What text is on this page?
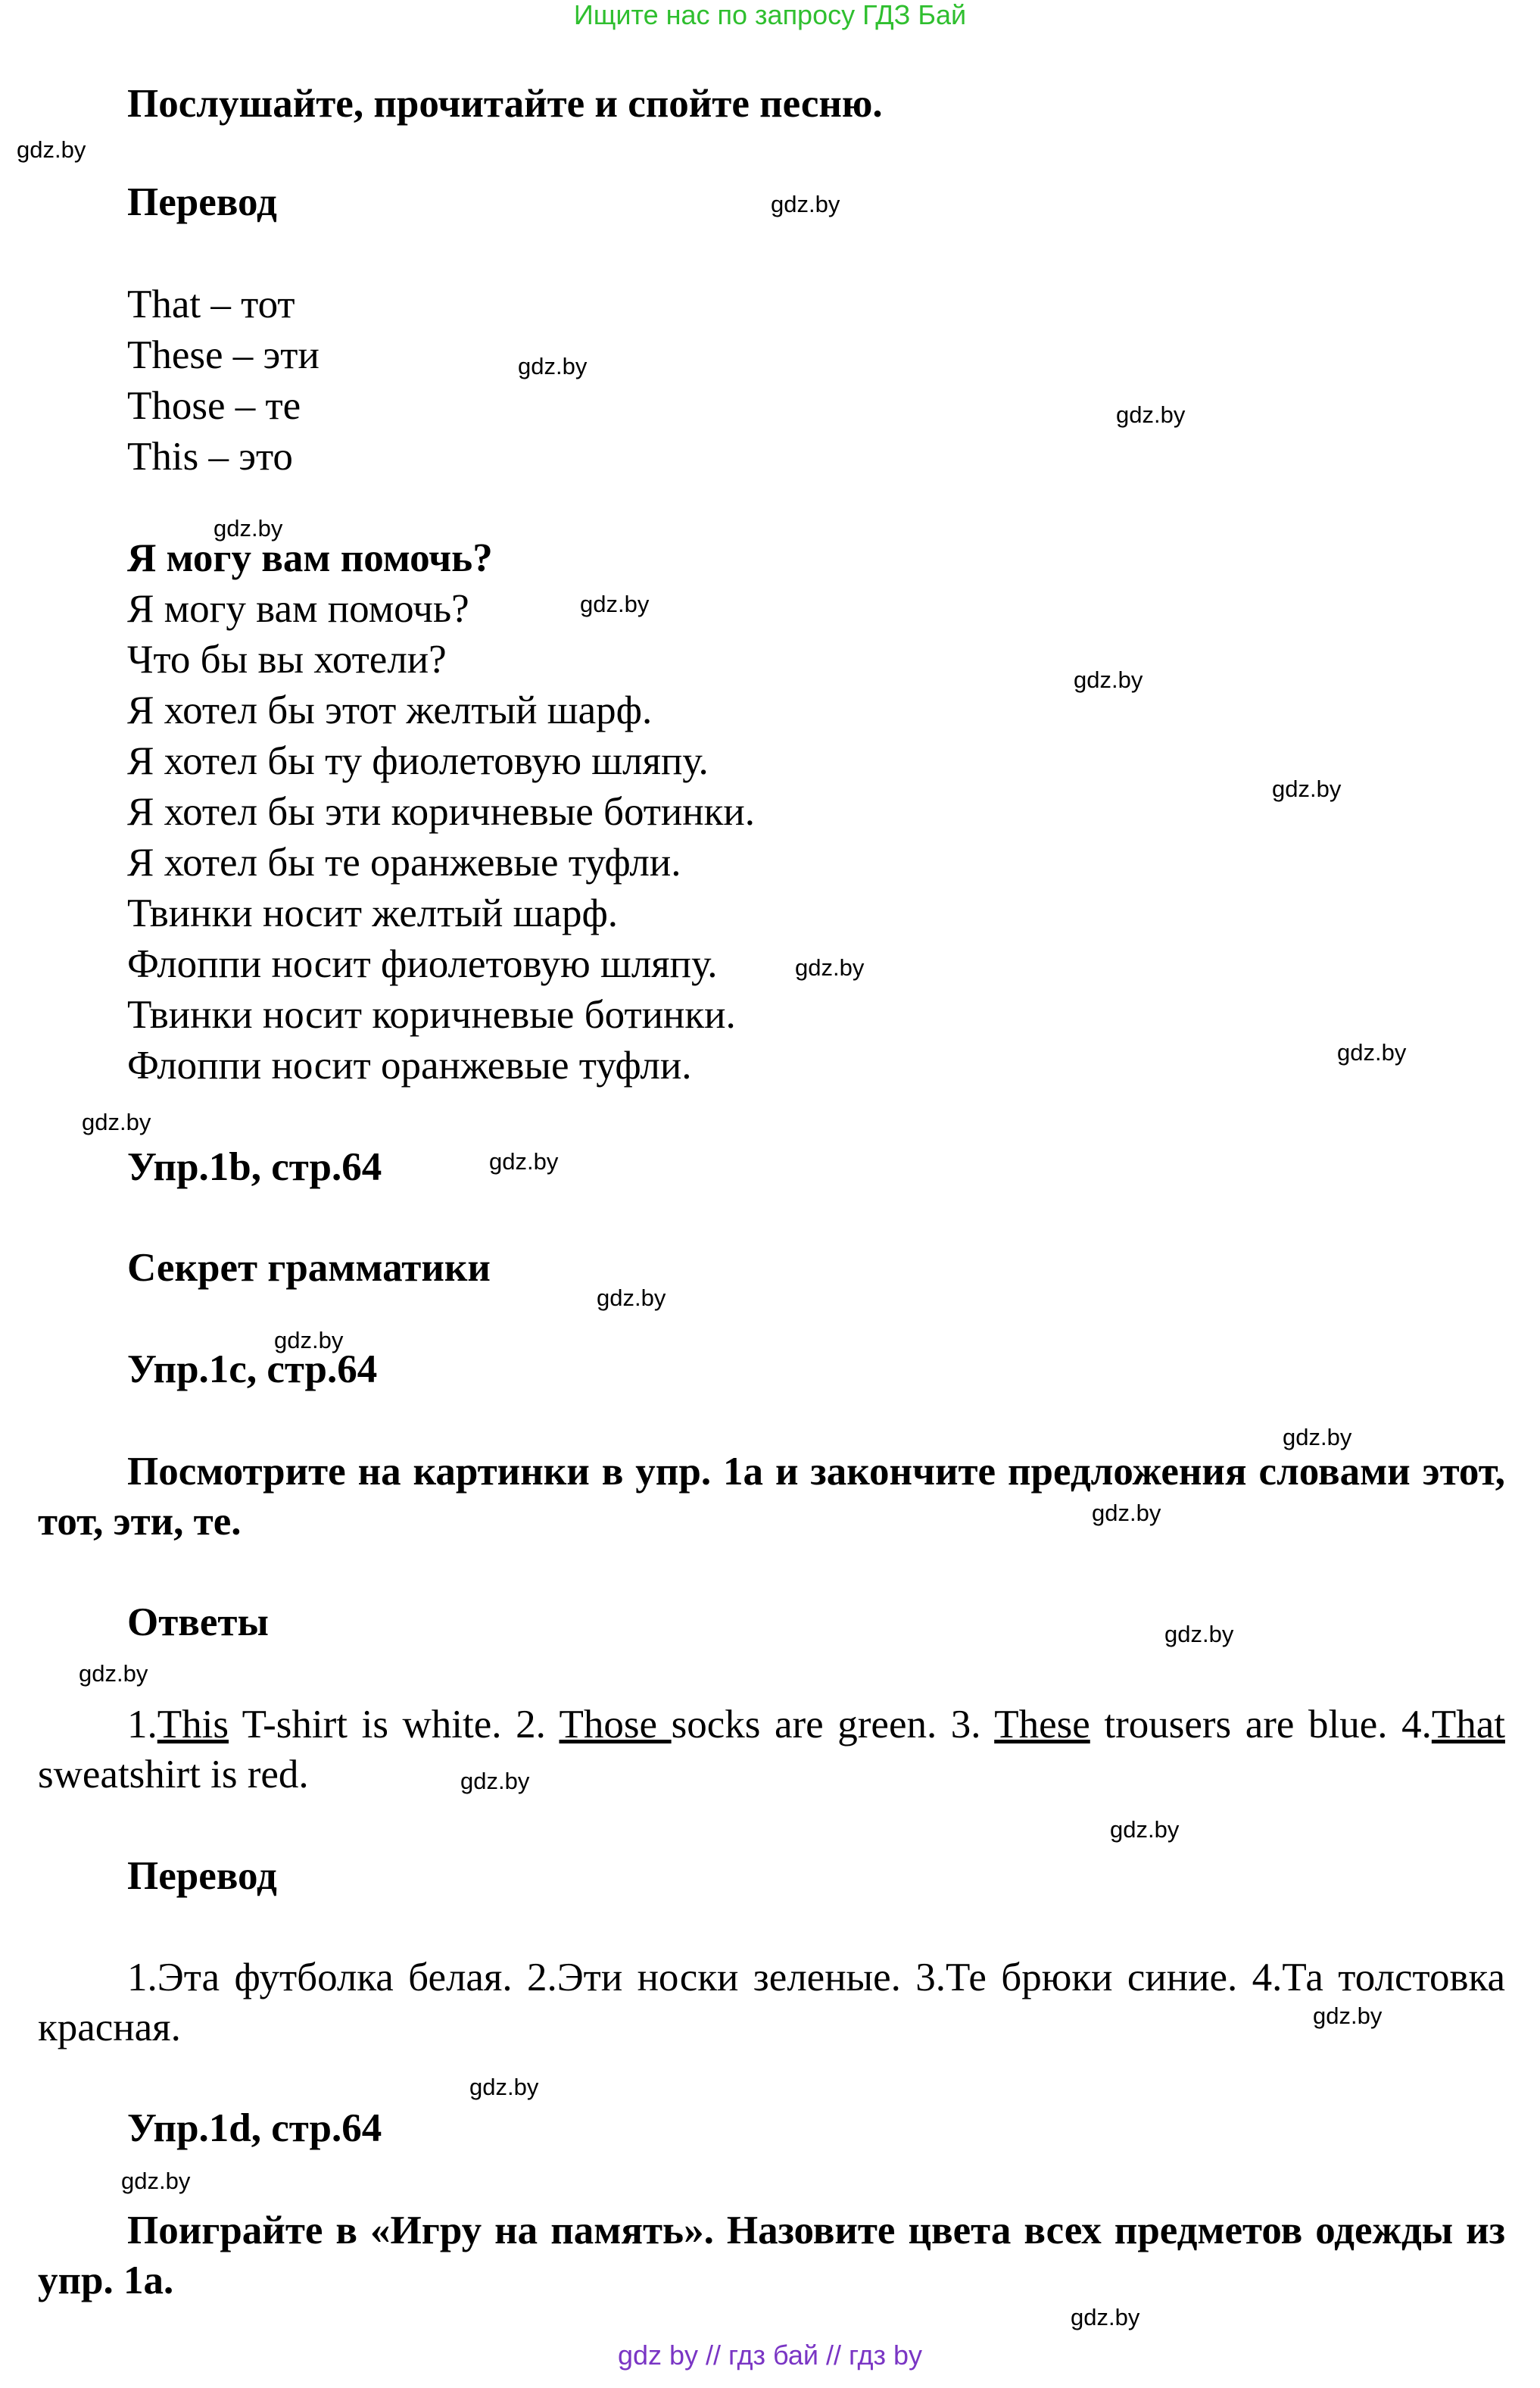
Ищите нас по запросу ГДЗ Бай
Послушайте, прочитайте и спойте песню.
Перевод
That – тот
These – эти
Those – те
This – это
Я могу вам помочь?
Я могу вам помочь?
Что бы вы хотели?
Я хотел бы этот желтый шарф.
Я хотел бы ту фиолетовую шляпу.
Я хотел бы эти коричневые ботинки.
Я хотел бы те оранжевые туфли.
Твинки носит желтый шарф.
Флоппи носит фиолетовую шляпу.
Твинки носит коричневые ботинки.
Флоппи носит оранжевые туфли.
Упр.1b, стр.64
Секрет грамматики
Упр.1c, стр.64
Посмотрите на картинки в упр. 1а и закончите предложения словами этот, тот, эти, те.
Ответы
1.This T-shirt is white. 2. Those socks are green. 3. These trousers are blue. 4.That sweatshirt is red.
Перевод
1.Эта футболка белая. 2.Эти носки зеленые. 3.Те брюки синие. 4.Та толстовка красная.
Упр.1d, стр.64
Поиграйте в «Игру на память». Назовите цвета всех предметов одежды из упр. 1а.
gdz.by
gdz.by
gdz.by
gdz.by
gdz.by
gdz.by
gdz.by
gdz.by
gdz.by
gdz.by
gdz.by
gdz.by
gdz.by
gdz.by
gdz.by
gdz.by
gdz.by
gdz.by
gdz.by
gdz.by
gdz.by
gdz.by
gdz.by
gdz.by
gdz by // гдз бай // гдз by
